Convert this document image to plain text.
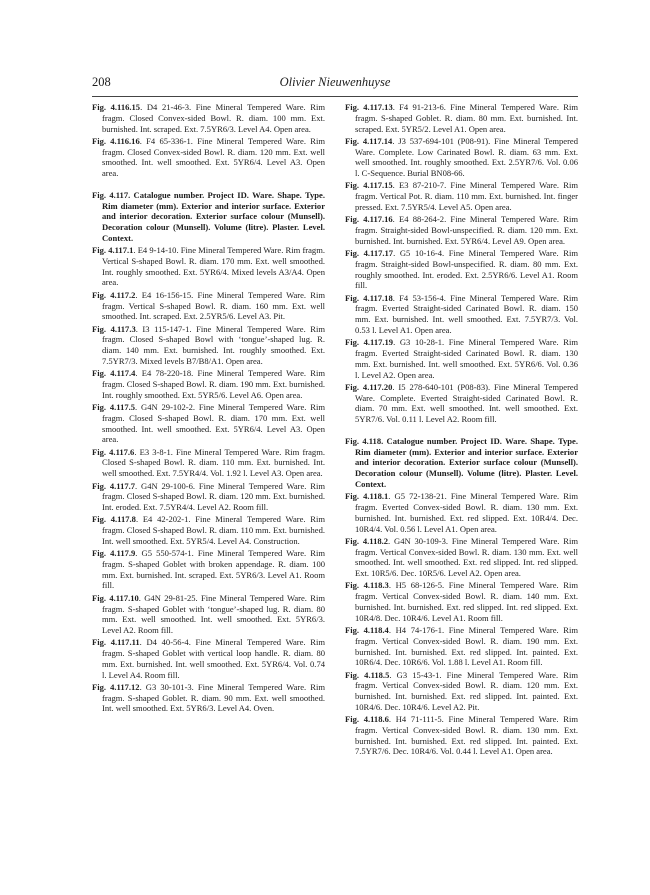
208	Olivier Nieuwenhuyse

Fig. 4.116.15. D4 21-46-3. Fine Mineral Tempered Ware. Rim fragm. Closed Convex-sided Bowl. R. diam. 100 mm. Ext. burnished. Int. scraped. Ext. 7.5YR6/3. Level A4. Open area.

Fig. 4.116.16. F4 65-336-1. Fine Mineral Tempered Ware. Rim fragm. Closed Convex-sided Bowl. R. diam. 120 mm. Ext. well smoothed. Int. well smoothed. Ext. 5YR6/4. Level A3. Open area.

Fig. 4.117. Catalogue number. Project ID. Ware. Shape. Type. Rim diameter (mm). Exterior and interior surface. Exterior and interior decoration. Exterior surface colour (Munsell). Decoration colour (Munsell). Volume (litre). Plaster. Level. Context.

Fig. 4.117.1. E4 9-14-10. Fine Mineral Tempered Ware. Rim fragm. Vertical S-shaped Bowl. R. diam. 170 mm. Ext. well smoothed. Int. roughly smoothed. Ext. 5YR6/4. Mixed levels A3/A4. Open area.

Fig. 4.117.2. E4 16-156-15. Fine Mineral Tempered Ware. Rim fragm. Vertical S-shaped Bowl. R. diam. 160 mm. Ext. well smoothed. Int. scraped. Ext. 2.5YR5/6. Level A3. Pit.

Fig. 4.117.3. I3 115-147-1. Fine Mineral Tempered Ware. Rim fragm. Closed S-shaped Bowl with ‘tongue’-shaped lug. R. diam. 140 mm. Ext. burnished. Int. roughly smoothed. Ext. 7.5YR7/3. Mixed levels B7/B8/A1. Open area.

Fig. 4.117.4. E4 78-220-18. Fine Mineral Tempered Ware. Rim fragm. Closed S-shaped Bowl. R. diam. 190 mm. Ext. burnished. Int. roughly smoothed. Ext. 5YR5/6. Level A6. Open area.

Fig. 4.117.5. G4N 29-102-2. Fine Mineral Tempered Ware. Rim fragm. Closed S-shaped Bowl. R. diam. 170 mm. Ext. well smoothed. Int. well smoothed. Ext. 5YR6/4. Level A3. Open area.

Fig. 4.117.6. E3 3-8-1. Fine Mineral Tempered Ware. Rim fragm. Closed S-shaped Bowl. R. diam. 110 mm. Ext. burnished. Int. well smoothed. Ext. 7.5YR4/4. Vol. 1.92 l. Level A3. Open area.

Fig. 4.117.7. G4N 29-100-6. Fine Mineral Tempered Ware. Rim fragm. Closed S-shaped Bowl. R. diam. 120 mm. Ext. burnished. Int. eroded. Ext. 7.5YR4/4. Level A2. Room fill.

Fig. 4.117.8. E4 42-202-1. Fine Mineral Tempered Ware. Rim fragm. Closed S-shaped Bowl. R. diam. 110 mm. Ext. burnished. Int. well smoothed. Ext. 5YR5/4. Level A4. Construction.

Fig. 4.117.9. G5 550-574-1. Fine Mineral Tempered Ware. Rim fragm. S-shaped Goblet with broken appendage. R. diam. 100 mm. Ext. burnished. Int. scraped. Ext. 5YR6/3. Level A1. Room fill.

Fig. 4.117.10. G4N 29-81-25. Fine Mineral Tempered Ware. Rim fragm. S-shaped Goblet with ‘tongue’-shaped lug. R. diam. 80 mm. Ext. well smoothed. Int. well smoothed. Ext. 5YR6/3. Level A2. Room fill.

Fig. 4.117.11. D4 40-56-4. Fine Mineral Tempered Ware. Rim fragm. S-shaped Goblet with vertical loop handle. R. diam. 80 mm. Ext. burnished. Int. well smoothed. Ext. 5YR6/4. Vol. 0.74 l. Level A4. Room fill.

Fig. 4.117.12. G3 30-101-3. Fine Mineral Tempered Ware. Rim fragm. S-shaped Goblet. R. diam. 90 mm. Ext. well smoothed. Int. well smoothed. Ext. 5YR6/3. Level A4. Oven.

Fig. 4.117.13. F4 91-213-6. Fine Mineral Tempered Ware. Rim fragm. S-shaped Goblet. R. diam. 80 mm. Ext. burnished. Int. scraped. Ext. 5YR5/2. Level A1. Open area.

Fig. 4.117.14. J3 537-694-101 (P08-91). Fine Mineral Tempered Ware. Complete. Low Carinated Bowl. R. diam. 63 mm. Ext. well smoothed. Int. roughly smoothed. Ext. 2.5YR7/6. Vol. 0.06 l. C-Sequence. Burial BN08-66.

Fig. 4.117.15. E3 87-210-7. Fine Mineral Tempered Ware. Rim fragm. Vertical Pot. R. diam. 110 mm. Ext. burnished. Int. finger pressed. Ext. 7.5YR5/4. Level A5. Open area.

Fig. 4.117.16. E4 88-264-2. Fine Mineral Tempered Ware. Rim fragm. Straight-sided Bowl-unspecified. R. diam. 120 mm. Ext. burnished. Int. burnished. Ext. 5YR6/4. Level A9. Open area.

Fig. 4.117.17. G5 10-16-4. Fine Mineral Tempered Ware. Rim fragm. Straight-sided Bowl-unspecified. R. diam. 80 mm. Ext. roughly smoothed. Int. eroded. Ext. 2.5YR6/6. Level A1. Room fill.

Fig. 4.117.18. F4 53-156-4. Fine Mineral Tempered Ware. Rim fragm. Everted Straight-sided Carinated Bowl. R. diam. 150 mm. Ext. burnished. Int. well smoothed. Ext. 7.5YR7/3. Vol. 0.53 l. Level A1. Open area.

Fig. 4.117.19. G3 10-28-1. Fine Mineral Tempered Ware. Rim fragm. Everted Straight-sided Carinated Bowl. R. diam. 130 mm. Ext. burnished. Int. well smoothed. Ext. 5YR6/6. Vol. 0.36 l. Level A2. Open area.

Fig. 4.117.20. I5 278-640-101 (P08-83). Fine Mineral Tempered Ware. Complete. Everted Straight-sided Carinated Bowl. R. diam. 70 mm. Ext. well smoothed. Int. well smoothed. Ext. 5YR7/6. Vol. 0.11 l. Level A2. Room fill.

Fig. 4.118. Catalogue number. Project ID. Ware. Shape. Type. Rim diameter (mm). Exterior and interior surface. Exterior and interior decoration. Exterior surface colour (Munsell). Decoration colour (Munsell). Volume (litre). Plaster. Level. Context.

Fig. 4.118.1. G5 72-138-21. Fine Mineral Tempered Ware. Rim fragm. Everted Convex-sided Bowl. R. diam. 130 mm. Ext. burnished. Int. burnished. Ext. red slipped. Ext. 10R4/4. Dec. 10R4/4. Vol. 0.56 l. Level A1. Open area.

Fig. 4.118.2. G4N 30-109-3. Fine Mineral Tempered Ware. Rim fragm. Vertical Convex-sided Bowl. R. diam. 130 mm. Ext. well smoothed. Int. well smoothed. Ext. red slipped. Int. red slipped. Ext. 10R5/6. Dec. 10R5/6. Level A2. Open area.

Fig. 4.118.3. H5 68-126-5. Fine Mineral Tempered Ware. Rim fragm. Vertical Convex-sided Bowl. R. diam. 140 mm. Ext. burnished. Int. burnished. Ext. red slipped. Int. red slipped. Ext. 10R4/8. Dec. 10R4/6. Level A1. Room fill.

Fig. 4.118.4. H4 74-176-1. Fine Mineral Tempered Ware. Rim fragm. Vertical Convex-sided Bowl. R. diam. 190 mm. Ext. burnished. Int. burnished. Ext. red slipped. Int. painted. Ext. 10R6/4. Dec. 10R6/6. Vol. 1.88 l. Level A1. Room fill.

Fig. 4.118.5. G3 15-43-1. Fine Mineral Tempered Ware. Rim fragm. Vertical Convex-sided Bowl. R. diam. 120 mm. Ext. burnished. Int. burnished. Ext. red slipped. Int. painted. Ext. 10R4/6. Dec. 10R4/6. Level A2. Pit.

Fig. 4.118.6. H4 71-111-5. Fine Mineral Tempered Ware. Rim fragm. Vertical Convex-sided Bowl. R. diam. 130 mm. Ext. burnished. Int. burnished. Ext. red slipped. Int. painted. Ext. 7.5YR7/6. Dec. 10R4/6. Vol. 0.44 l. Level A1. Open area.
